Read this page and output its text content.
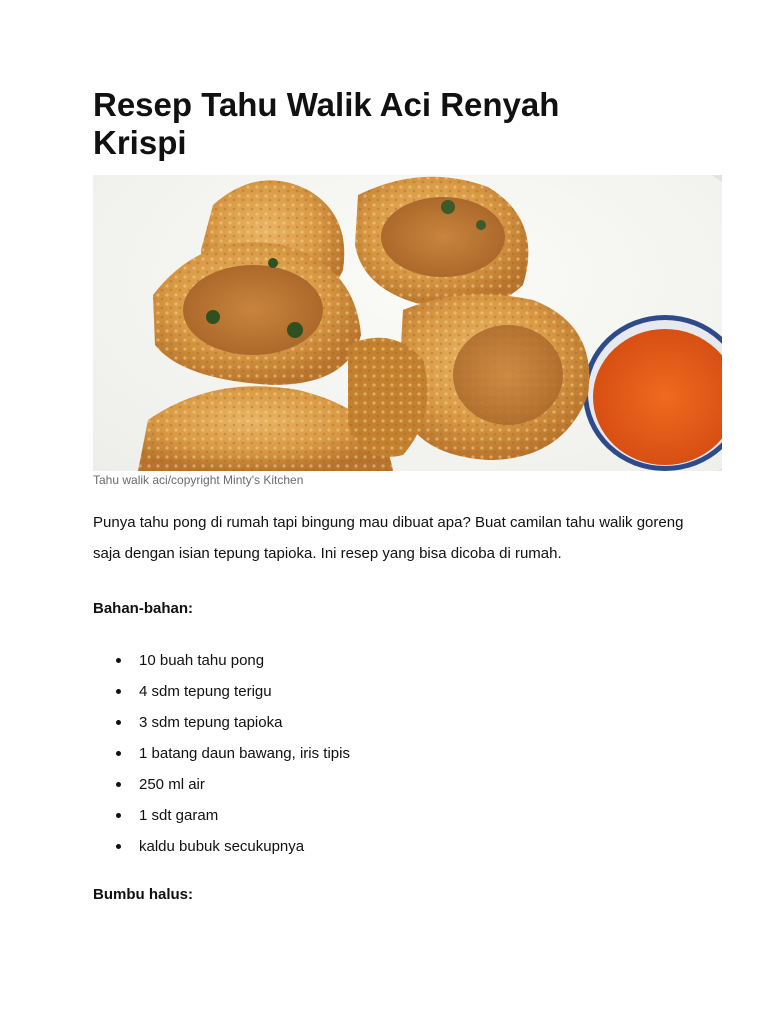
Resep Tahu Walik Aci Renyah Krispi
Tahu walik aci/copyright Minty's Kitchen

Punya tahu pong di rumah tapi bingung mau dibuat apa? Buat camilan tahu walik goreng saja dengan isian tepung tapioka. Ini resep yang bisa dicoba di rumah.

Bahan-bahan:

10 buah tahu pong
4 sdm tepung terigu
3 sdm tepung tapioka
1 batang daun bawang, iris tipis
250 ml air
1 sdt garam
kaldu bubuk secukupnya

Bumbu halus:
